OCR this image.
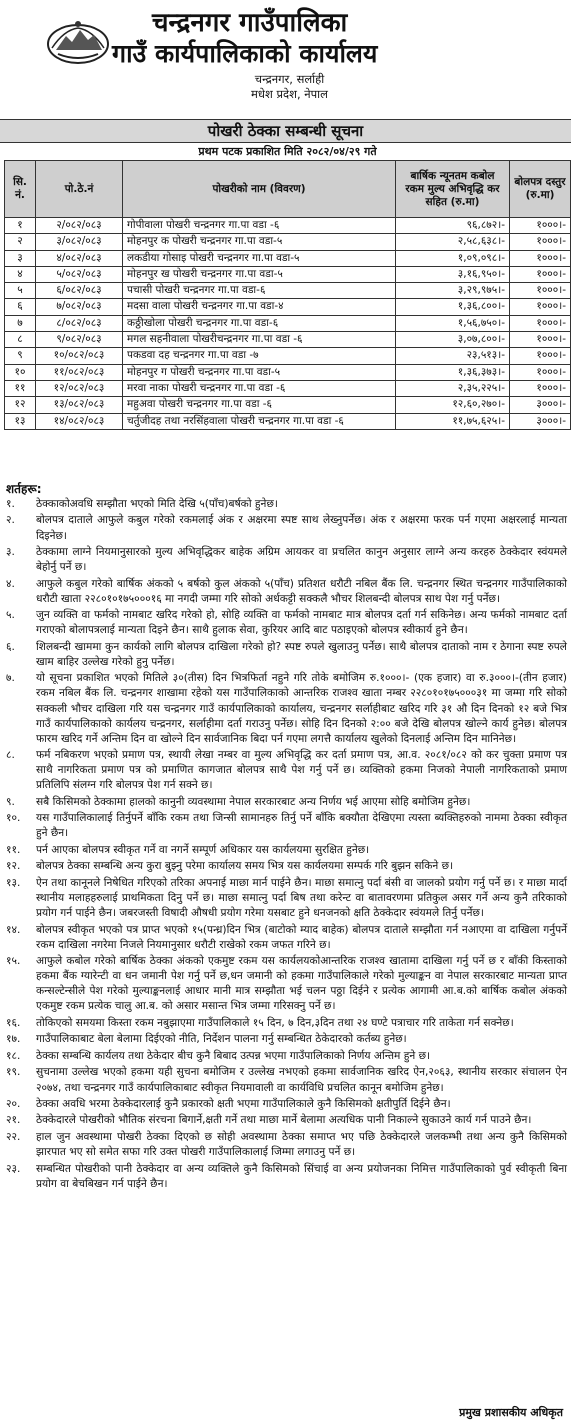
चन्द्रनगर गाउँपालिका
गाउँ कार्यपालिकाको कार्यालय
चन्द्रनगर, सर्लाही
मधेश प्रदेश, नेपाल
पोखरी ठेक्का सम्बन्धी सूचना
प्रथम पटक प्रकाशित मिति २०८२/०४/२९ गते
सि. नं.	पो.ठे.नं	पोखरीको नाम (विवरण)	बार्षिक न्यूनतम कबोल रकम मुल्य अभिवृद्धि कर सहित (रु.मा)	बोलपत्र दस्तुर (रु.मा)
१	२/०८२/०८३	गोपीवाला पोखरी चन्द्रनगर गा.पा वडा -६	९६,८७२।-	१०००।-
२	३/०८२/०८३	मोहनपुर क पोखरी चन्द्रनगर गा.पा वडा-५	२,५८,६३८।-	१०००।-
३	४/०८२/०८३	लकडीया गोसाइ पोखरी चन्द्रनगर गा.पा वडा-५	१,०९,०९८।-	१०००।-
४	५/०८२/०८३	मोहनपुर ख पोखरी चन्द्रनगर गा.पा वडा-५	३,१६,९५०।-	१०००।-
५	६/०८२/०८३	पचासी पोखरी चन्द्रनगर गा.पा वडा-६	३,२९,९७५।-	१०००।-
६	७/०८२/०८३	मदसा वाला पोखरी चन्द्रनगर गा.पा वडा-४	१,३६,८००।-	१०००।-
७	८/०८२/०८३	कठ्ठीखोला पोखरी चन्द्रनगर गा.पा वडा-६	१,५६,७५०।-	१०००।-
८	९/०८२/०८३	मगल सहनीवाला पोखरीचन्द्रनगर गा.पा वडा -६	३,०७,८००।-	१०००।-
९	१०/०८२/०८३	पकडवा दह चन्द्रनगर गा.पा वडा -७	२३,५१३।-	१०००।-
१०	११/०८२/०८३	मोहनपुर ग पोखरी चन्द्रनगर गा.पा वडा-५	१,३६,३७३।-	१०००।-
११	१२/०८२/०८३	मरवा नाका पोखरी चन्द्रनगर गा.पा वडा -६	२,३५,२२५।-	१०००।-
१२	१३/०८२/०८३	महुअवा पोखरी चन्द्रनगर गा.पा वडा -६	१२,६०,२७०।-	३०००।-
१३	१४/०८२/०८३	चर्तुजीदह तथा नरसिंहवाला पोखरी चन्द्रनगर गा.पा वडा -६	११,७५,६२५।-	३०००।-
शर्तहरू:
१.	ठेक्काकोअवधि सम्झौता भएको मिति देखि ५(पाँच)बर्षको हुनेछ।
२.	बोलपत्र दाताले आफुले कबुल गरेको रकमलाई अंक र अक्षरमा स्पष्ट साथ लेख्नुपर्नेछ। अंक र अक्षरमा फरक पर्न गएमा अक्षरलाई मान्यता दिइनेछ।
३.	ठेक्कामा लाग्ने नियमानुसारको मुल्य अभिवृद्धिकर बाहेक अग्रिम आयकर वा प्रचलित कानुन अनुसार लाग्ने अन्य करहरु ठेक्केदार स्वंयमले बेहोर्नु पर्ने छ।
४.	आफुले कबुल गरेको बार्षिक अंकको ५ बर्षको कुल अंकको ५(पाँच) प्रतिशत धरौटी नबिल बैंक लि. चन्द्रनगर स्थित चन्द्रनगर गाउँपालिकाको धरौटी खाता २२८०१०१७५०००१६ मा नगदी जम्मा गरि सोको अर्धकट्टी सक्कलै भौचर शिलबन्दी बोलपत्र साथ पेश गर्नु पर्नेछ।
५.	जुन व्यक्ति वा फर्मको नामबाट खरिद गरेको हो, सोहि व्यक्ति वा फर्मको नामबाट मात्र बोलपत्र दर्ता गर्न सकिनेछ। अन्य फर्मको नामबाट दर्ता गराएको बोलापत्रलाई मान्यता दिइने छैन। साथै हुलाक सेवा, कुरियर आदि बाट पठाइएको बोलपत्र स्वीकार्य हुने छैन।
६.	शिलबन्दी खाममा कुन कार्यको लागि बोलपत्र दाखिला गरेको हो? स्पष्ट रुपले खुलाउनु पर्नेछ। साथै बोलपत्र दाताको नाम र ठेगाना स्पष्ट रुपले खाम बाहिर उल्लेख गरेको हुनु पर्नेछ।
७.	यो सूचना प्रकाशित भएको मितिले ३०(तीस) दिन भित्रफिर्ता नहुने गरि तोके बमोजिम रु.१०००।- (एक हजार) वा रु.३०००।-(तीन हजार) रकम नबिल बैंक लि. चन्द्रनगर शाखामा रहेको यस गाउँपालिकाको आन्तरिक राजश्व खाता नम्बर २२८०१०१७५०००३१ मा जम्मा गरि सोको सक्कली भौचर दाखिला गरि यस चन्द्रनगर गाउँ कार्यपालिकाको कार्यालय, चन्द्रनगर सर्लाहीबाट खरिद गरि ३१ औ दिन दिनको १२ बजे भित्र गाउँ कार्यपालिकाको कार्यलय चन्द्रनगर, सर्लाहीमा दर्ता गराउनु पर्नेछ। सोहि दिन दिनको २:०० बजे देखि बोलपत्र खोल्ने कार्य हुनेछ। बोलपत्र फारम खरिद गर्ने अन्तिम दिन वा खोल्ने दिन सार्वजानिक बिदा पर्न गएमा लगत्तै कार्यालय खुलेको दिनलाई अन्तिम दिन मानिनेछ।
८.	फर्म नबिकरण भएको प्रमाण पत्र, स्थायी लेखा नम्बर वा मुल्य अभिवृद्धि कर दर्ता प्रमाण पत्र, आ.व. २०८१/०८२ को कर चुक्ता प्रमाण पत्र साथै नागरिकता प्रमाण पत्र को प्रमाणित कागजात बोलपत्र साथै पेश गर्नु पर्ने छ। व्यक्तिको हकमा निजको नेपाली नागरिकताको प्रमाण प्रतिलिपि संलग्न गरि बोलपत्र पेश गर्न सक्ने छ।
९.	सबै किसिमको ठेक्कामा हालको कानुनी व्यवस्थामा नेपाल सरकारबाट अन्य निर्णय भई आएमा सोहि बमोजिम हुनेछ।
१०.	यस गाउँपालिकालाई तिर्नुपर्ने बाँकि रकम तथा जिन्सी सामानहरु तिर्नु पर्ने बाँकि बक्यौता देखिएमा त्यस्ता ब्यक्तिहरुको नाममा ठेक्का स्वीकृत हुने छैन।
११.	पर्न आएका बोलपत्र स्वीकृत गर्ने वा नगर्ने सम्पूर्ण अधिकार यस कार्यलयमा सुरक्षित हुनेछ।
१२.	बोलपत्र ठेक्का सम्बन्धि अन्य कुरा बुझ्नु परेमा कार्यालय समय भित्र यस कार्यलयमा सम्पर्क गरि बुझन सकिने छ।
१३.	ऐन तथा कानूनले निषेधित गरिएको तरिका अपनाई माछा मार्न पाईने छैन। माछा समात्नु पर्दा बंसी वा जालको प्रयोग गर्नु पर्ने छ। र माछा मार्दा स्थानीय मलाहहरुलाई प्राथमिकता दिनु पर्ने छ। माछा समात्नु पर्दा बिष तथा करेन्ट वा बातावरणमा प्रतिकुल असर गर्ने अन्य कुनै तरिकाको प्रयोग गर्न पाईने छैन। जबरजस्ती विषादी औषधी प्रयोग गरेमा यसबाट हुने धनजनको क्षति ठेक्केदार स्वंयमले तिर्नु पर्नेछ।
१४.	बोलपत्र स्वीकृत भएको पत्र प्राप्त भएको १५(पन्ध्र)दिन भित्र (बाटोको म्याद बाहेक) बोलपत्र दाताले सम्झौता गर्न नआएमा वा दाखिला गर्नुपर्ने रकम दाखिला नगरेमा निजले नियमानुसार धरौटी राखेको रकम जफत गरिने छ।
१५.	आफुले कबोल गरेको बार्षिक ठेक्का अंकको एकमुष्ट रकम यस कार्यलयकोआन्तरिक राजश्व खातामा दाखिला गर्नु पर्ने छ र बाँकी किस्ताको हकमा बैंक ग्यारेन्टी वा धन जमानी पेश गर्नु पर्ने छ,धन जमानी को हकमा गाउँपालिकाले गरेको मुल्याङ्कन वा नेपाल सरकारबाट मान्यता प्राप्त कन्सल्टेन्सीले पेश गरेको मुल्याङ्कनलाई आधार मानी मात्र सम्झौता भई चलन पठ्ठा दिईने र प्रत्येक आगामी आ.ब.को बार्षिक कबोल अंकको एकमुष्ट रकम प्रत्येक चालु आ.ब. को असार मसान्त भित्र जम्मा गरिसक्नु पर्ने छ।
१६.	तोकिएको समयमा किस्ता रकम नबुझाएमा गाउँपालिकाले १५ दिन, ७ दिन,३दिन तथा २४ घण्टे पत्राचार गरि ताकेता गर्न सक्नेछ।
१७.	गाउँपालिकाबाट बेला बेलामा दिईएको नीति, निर्देशन पालना गर्नु सम्बन्धित ठेकेदारको कर्तब्य हुनेछ।
१८.	ठेक्का सम्बन्धि कार्यलय तथा ठेकेदार बीच कुनै बिबाद उत्पन्न भएमा गाउँपालिकाको निर्णय अन्तिम हुने छ।
१९.	सुचनामा उल्लेख भएको हकमा यही सुचना बमोजिम र उल्लेख नभएको हकमा सार्वजानिक खरिद ऐन,२०६३, स्थानीय सरकार संचालन ऐन २०७४, तथा चन्द्रनगर गाउँ कार्यपालिकाबाट स्वीकृत नियमावाली वा कार्यविधि प्रचलित कानून बमोजिम हुनेछ।
२०.	ठेक्का अवधि भरमा ठेक्केदारलाई कुनै प्रकारको क्षती भएमा गाउँपालिकाले कुनै किसिमको क्षतीपुर्ति दिईने छैन।
२१.	ठेक्केदारले पोखरीको भौतिक संरचना बिगार्ने,क्षती गर्ने तथा माछा मार्ने बेलामा अत्यधिक पानी निकाल्ने सुकाउने कार्य गर्न पाउने छैन।
२२.	हाल जुन अवस्थामा पोखरी ठेक्का दिएको छ सोही अवस्थामा ठेक्का समाप्त भए पछि ठेक्केदारले जलकम्भी तथा अन्य कुनै किसिमको झारपात भए सो समेत सफा गरि उक्त पोखरी गाउँपालिकालाई जिम्मा लगाउनु पर्ने छ।
२३.	सम्बन्धित पोखरीको पानी ठेक्केदार वा अन्य व्यक्तिले कुनै किसिमको सिंचाई वा अन्य प्रयोजनका निमित्त गाउँपालिकाको पुर्व स्वीकृती बिना प्रयोग वा बेचबिखन गर्न पाईने छैन।
प्रमुख प्रशासकीय अधिकृत
